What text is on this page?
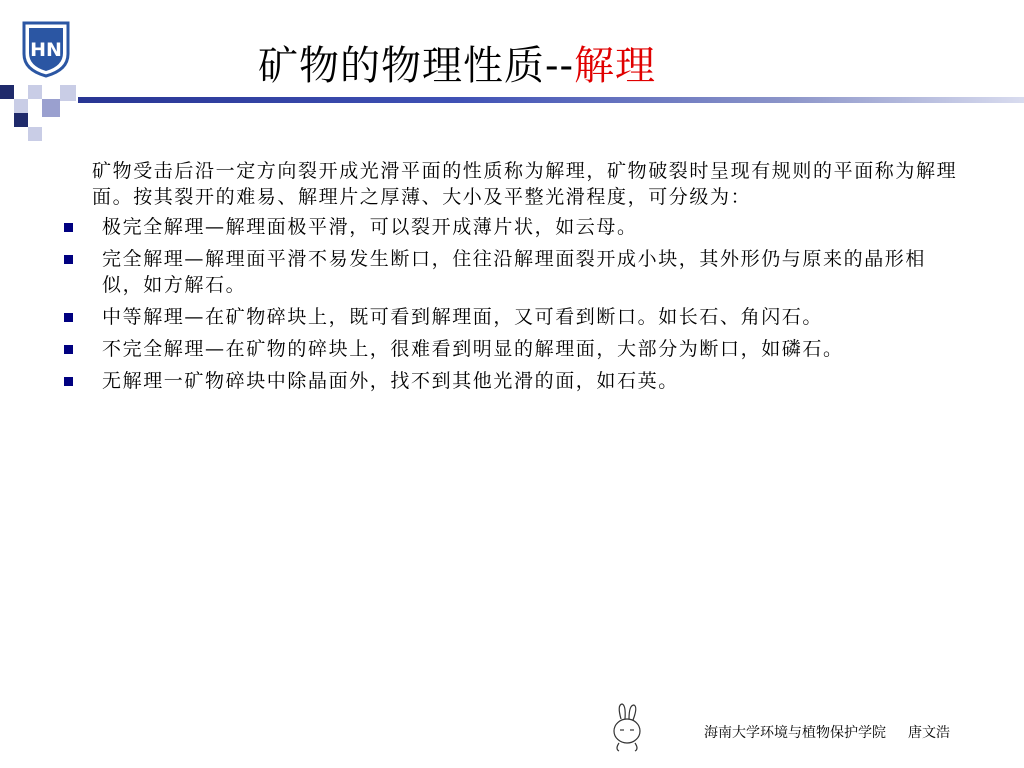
HN	矿物的物理性质--解理

矿物受击后沿一定方向裂开成光滑平面的性质称为解理，矿物破裂时呈现有规则的平面称为解理面。按其裂开的难易、解理片之厚薄、大小及平整光滑程度，可分级为：

极完全解理—解理面极平滑，可以裂开成薄片状，如云母。
完全解理—解理面平滑不易发生断口，住往沿解理面裂开成小块，其外形仍与原来的晶形相似，如方解石。
中等解理—在矿物碎块上，既可看到解理面，又可看到断口。如长石、角闪石。
不完全解理—在矿物的碎块上，很难看到明显的解理面，大部分为断口，如磷石。
无解理一矿物碎块中除晶面外，找不到其他光滑的面，如石英。
海南大学环境与植物保护学院 唐文浩
